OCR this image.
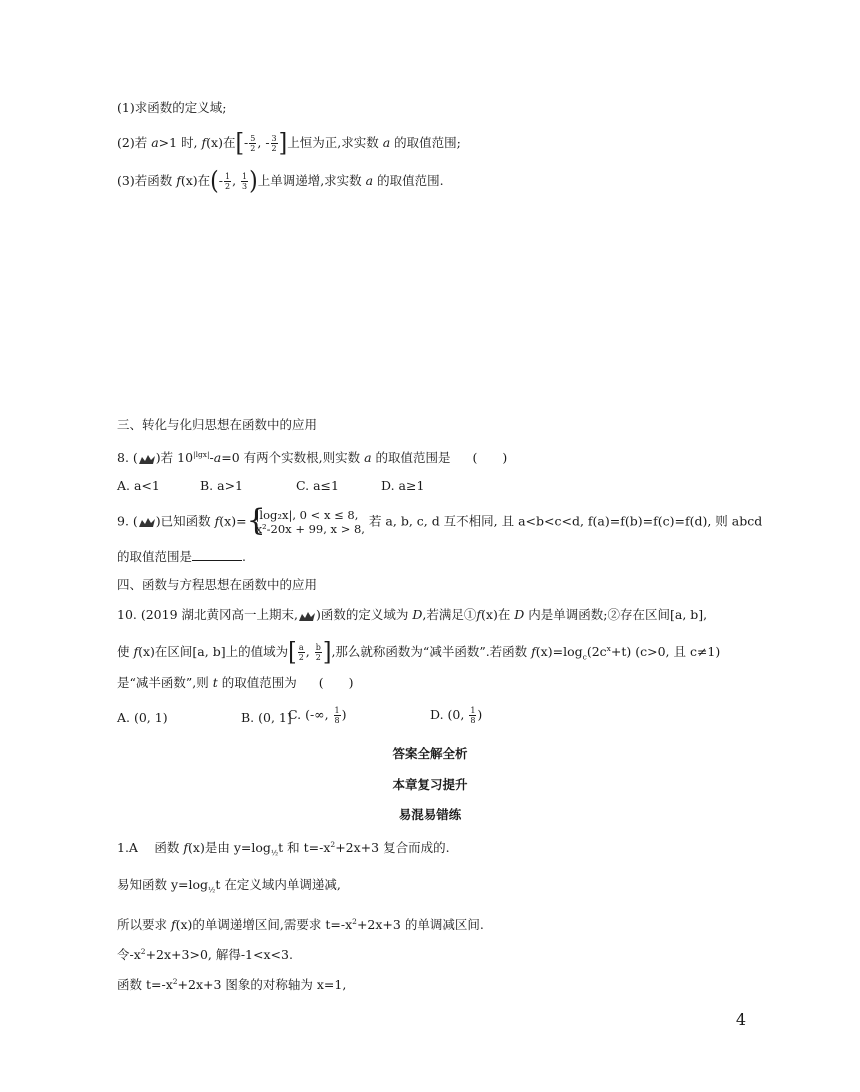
(1)求函数的定义域;
(2)若 a>1 时, f(x)在[- $\frac{5}{2}$ , - $\frac{3}{2}$ ]上恒为正,求实数 a 的取值范围;
(3)若函数 f(x)在(- $\frac{1}{2}$ , $\frac{1}{3}$ )上单调递增,求实数 a 的取值范围.
三、转化与化归思想在函数中的应用
8. ( )若 $10^{|lgx|}-a=0$ 有两个实数根,则实数 a 的取值范围是 (　　)
A. a<1	B. a>1	C. a≤1	D. a≥1
9. ( )已知函数 f(x)= {
|log₂x|, 0 < x ≤ 8,
x²-20x + 99, x > 8,
若 a, b, c, d 互不相同, 且 a<b<c<d, f(a)=f(b)=f(c)=f(d), 则 abcd
的取值范围是	.
四、函数与方程思想在函数中的应用
10. (2019 湖北黄冈高一上期末, )函数的定义域为 D,若满足①f(x)在 D 内是单调函数;②存在区间[a, b],
使 f(x)在区间[a, b]上的值域为[ $\frac{a}{2}$ , $\frac{b}{2}$ ],那么就称函数为“减半函数”.若函数 $f(x)=\log_c(2c^x+t)$ (c>0, 且 c≠1)
是“减半函数”,则 t 的取值范围为 (　　)
A. (0, 1)	B. (0, 1]
C. (-∞, $\frac{1}{8}$ )	D. (0, $\frac{1}{8}$ )
答案全解全析
本章复习提升
易混易错练
1.A　 函数 f(x)是由 $y=\log_{\frac{1}{2}}t$ 和 $t=-x^2+2x+3$ 复合而成的.
易知函数 $y=\log_{\frac{1}{2}}t$ 在定义域内单调递减,
所以要求 f(x)的单调递增区间,需要求 $t=-x^2+2x+3$ 的单调减区间.
令$-x^2+2x+3>0$, 解得-1<x<3.
函数 $t=-x^2+2x+3$ 图象的对称轴为 x=1,
4
